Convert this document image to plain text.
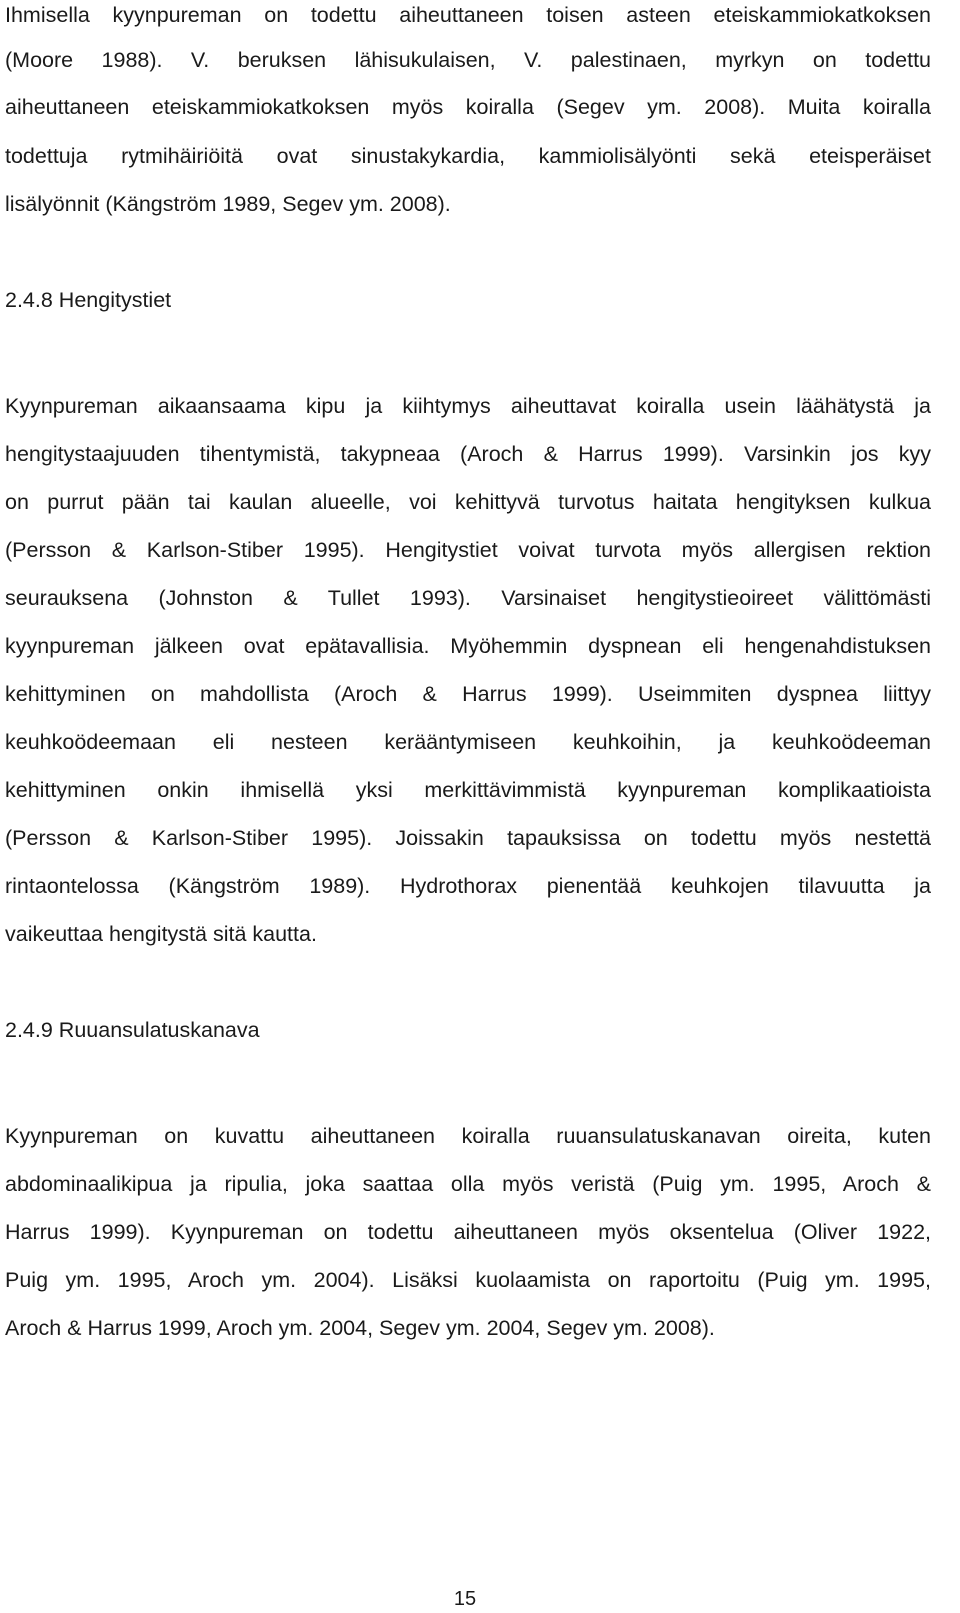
Ihmisella kyynpureman on todettu aiheuttaneen toisen asteen eteiskammiokatkoksen
(Moore 1988). V. beruksen lähisukulaisen, V. palestinaen, myrkyn on todettu
aiheuttaneen eteiskammiokatkoksen myös koiralla (Segev ym. 2008). Muita koiralla
todettuja rytmihäiriöitä ovat sinustakykardia, kammiolisälyönti sekä eteisperäiset
lisälyönnit (Kängström 1989, Segev ym. 2008).
2.4.8 Hengitystiet
Kyynpureman aikaansaama kipu ja kiihtymys aiheuttavat koiralla usein läähätystä ja
hengitystaajuuden tihentymistä, takypneaa (Aroch & Harrus 1999). Varsinkin jos kyy
on purrut pään tai kaulan alueelle, voi kehittyvä turvotus haitata hengityksen kulkua
(Persson & Karlson-Stiber 1995). Hengitystiet voivat turvota myös allergisen rektion
seurauksena (Johnston & Tullet 1993). Varsinaiset hengitystieoireet välittömästi
kyynpureman jälkeen ovat epätavallisia. Myöhemmin dyspnean eli hengenahdistuksen
kehittyminen on mahdollista (Aroch & Harrus 1999). Useimmiten dyspnea liittyy
keuhkoödeemaan eli nesteen kerääntymiseen keuhkoihin, ja keuhkoödeeman
kehittyminen onkin ihmisellä yksi merkittävimmistä kyynpureman komplikaatioista
(Persson & Karlson-Stiber 1995). Joissakin tapauksissa on todettu myös nestettä
rintaontelossa (Kängström 1989). Hydrothorax pienentää keuhkojen tilavuutta ja
vaikeuttaa hengitystä sitä kautta.
2.4.9 Ruuansulatuskanava
Kyynpureman on kuvattu aiheuttaneen koiralla ruuansulatuskanavan oireita, kuten
abdominaalikipua ja ripulia, joka saattaa olla myös veristä (Puig ym. 1995, Aroch &
Harrus 1999). Kyynpureman on todettu aiheuttaneen myös oksentelua (Oliver 1922,
Puig ym. 1995, Aroch ym. 2004). Lisäksi kuolaamista on raportoitu (Puig ym. 1995,
Aroch & Harrus 1999, Aroch ym. 2004, Segev ym. 2004, Segev ym. 2008).
15
